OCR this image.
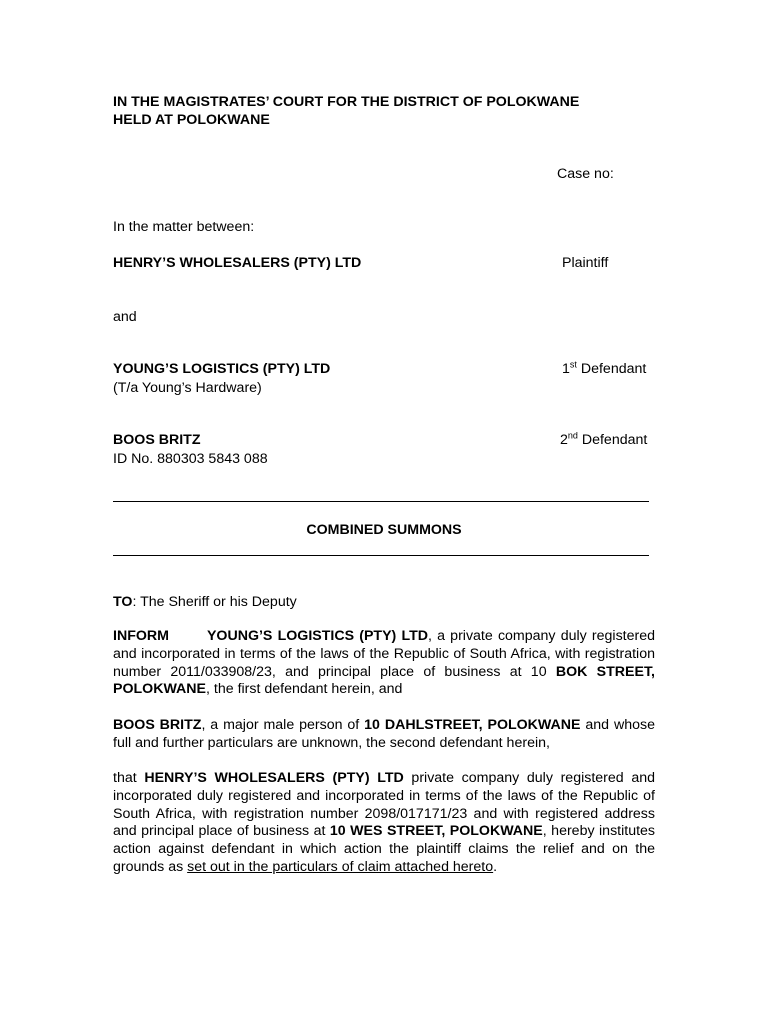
IN THE MAGISTRATES’ COURT FOR THE DISTRICT OF POLOKWANE
HELD AT POLOKWANE
Case no:
In the matter between:
HENRY’S WHOLESALERS (PTY) LTD	Plaintiff
and
YOUNG’S LOGISTICS (PTY) LTD	1st Defendant
(T/a Young’s Hardware)
BOOS BRITZ	2nd Defendant
ID No. 880303 5843 088
COMBINED SUMMONS
TO: The Sheriff or his Deputy
INFORM	YOUNG’S LOGISTICS (PTY) LTD, a private company duly registered and incorporated in terms of the laws of the Republic of South Africa, with registration number 2011/033908/23, and principal place of business at 10 BOK STREET, POLOKWANE, the first defendant herein, and
BOOS BRITZ, a major male person of 10 DAHLSTREET, POLOKWANE and whose full and further particulars are unknown, the second defendant herein,
that HENRY’S WHOLESALERS (PTY) LTD private company duly registered and incorporated duly registered and incorporated in terms of the laws of the Republic of South Africa, with registration number 2098/017171/23 and with registered address and principal place of business at 10 WES STREET, POLOKWANE, hereby institutes action against defendant in which action the plaintiff claims the relief and on the grounds as set out in the particulars of claim attached hereto.
